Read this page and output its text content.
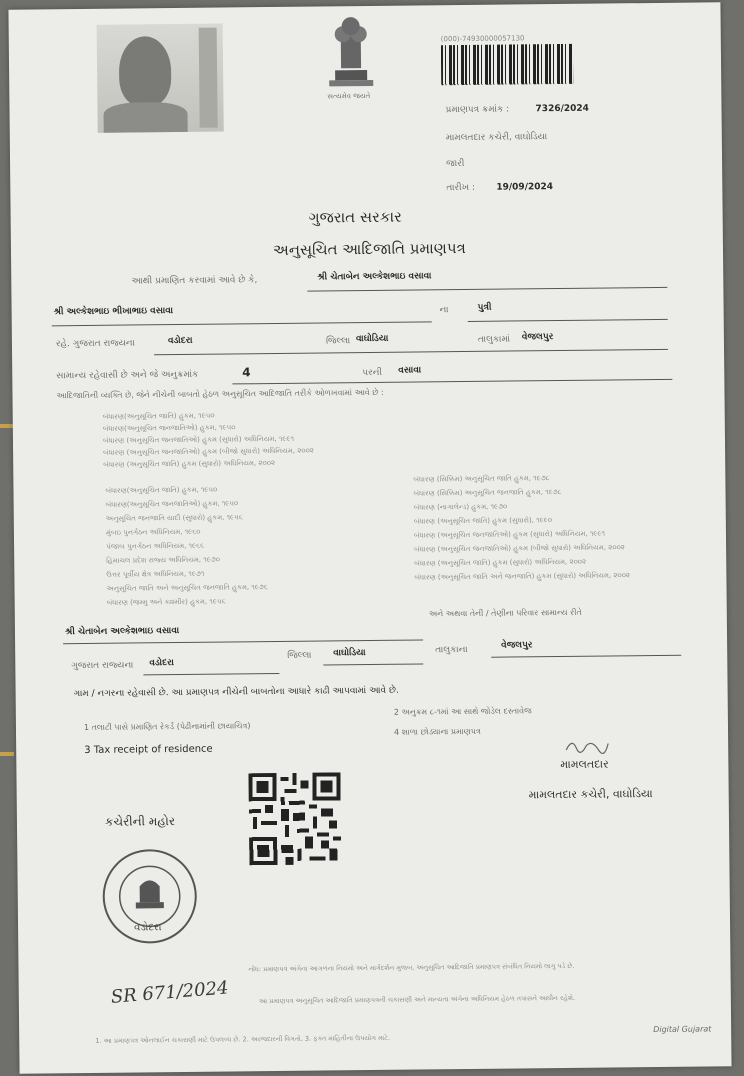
સત્યમેવ જયતે
(000)-74930000057130
પ્રમાણપત્ર ક્રમાંક :	7326/2024
મામલતદાર કચેરી, વાઘોડિયા
જારી
તારીખ : 19/09/2024
ગુજરાત સરકાર
અનુસૂચિત આદિજાતિ પ્રમાણપત્ર
આથી પ્રમાણિત કરવામાં આવે છે કે,	શ્રી ચેતાબેન અલ્કેશભાઇ વસાવા
શ્રી અલ્કેશભાઇ ભીખાભાઇ વસાવા	ના	પુત્રી
રહે. ગુજરાત રાજ્યના	વડોદરા	જિલ્લા વાઘોડિયા	તાલુકામાં વેજલપુર
સામાન્ય રહેવાસી છે અને જે અનુક્રમાંક	4	પરની વસાવા
આદિજાતિની વ્યક્તિ છે, જેને નીચેની બાબતો હેઠળ અનુસૂચિત આદિજાતિ તરીકે ઓળખવામાં આવે છે :
બંધારણ(અનુસૂચિત જાતિ) હુકમ, ૧૯૫૦
બંધારણ(અનુસૂચિત જનજાતિઓ) હુકમ, ૧૯૫૦
બંધારણ (અનુસૂચિત જનજાતિઓ) હુકમ (સુધારો) અધિનિયમ, ૧૯૯૧
બંધારણ (અનુસૂચિત જનજાતિઓ) હુકમ (બીજો સુધારો) અધિનિયમ, ૨૦૦૨
બંધારણ (અનુસૂચિત જાતિ) હુકમ (સુધારો) અધિનિયમ, ૨૦૦૨
બંધારણ(અનુસૂચિત જાતિ) હુકમ, ૧૯૫૦
બંધારણ(અનુસૂચિત જનજાતિઓ) હુકમ, ૧૯૫૦
અનુસૂચિત જનજાતિ યાદી (સુધારો) હુકમ, ૧૯૫૬
મુંબઇ પુનર્ગઠન અધિનિયમ, ૧૯૬૦
પંજાબ પુનર્ગઠન અધિનિયમ, ૧૯૬૬
હિમાચલ પ્રદેશ રાજ્ય અધિનિયમ, ૧૯૭૦
ઉત્તર પૂર્વીય ક્ષેત્ર અધિનિયમ, ૧૯૭૧
અનુસૂચિત જાતિ અને અનુસૂચિત જનજાતિ હુકમ, ૧૯૭૬
બંધારણ (જમ્મુ અને કાશ્મીર) હુકમ, ૧૯૫૬
બંધારણ (સિક્કિમ) અનુસૂચિત જાતિ હુકમ, ૧૯૭૮
બંધારણ (સિક્કિમ) અનુસૂચિત જનજાતિ હુકમ, ૧૯૭૮
બંધારણ (નાગાલેન્ડ) હુકમ, ૧૯૭૦
બંધારણ (અનુસૂચિત જાતિ) હુકમ (સુધારો), ૧૯૯૦
બંધારણ (અનુસૂચિત જનજાતિઓ) હુકમ (સુધારો) અધિનિયમ, ૧૯૯૧
બંધારણ (અનુસૂચિત જનજાતિઓ) હુકમ (બીજો સુધારો) અધિનિયમ, ૨૦૦૨
બંધારણ (અનુસૂચિત જાતિ) હુકમ (સુધારો) અધિનિયમ, ૨૦૦૨
બંધારણ (અનુસૂચિત જાતિ અને જનજાતિ) હુકમ (સુધારો) અધિનિયમ, ૨૦૦૨
શ્રી ચેતાબેન અલ્કેશભાઇ વસાવા
અને અથવા તેની / તેણીના પરિવાર સામાન્ય રીતે
ગુજરાત રાજ્યના વડોદરા
જિલ્લા વાઘોડિયા	તાલુકાના	વેજલપુર
ગામ / નગરના રહેવાસી છે. આ પ્રમાણપત્ર નીચેની બાબતોના આધારે કાઢી આપવામાં આવે છે.
1 તલાટી પાસે પ્રમાણિત રેકર્ડ (પેઢીનામાંની છાયાચિત્ર)
2 અનુક્રમ ૮-૧માં આ સાથે જોડેલ દસ્તાવેજ
3 Tax receipt of residence
4 શાળા છોડ્યાના પ્રમાણપત્ર
મામલતદાર
મામલતદાર કચેરી, વાઘોડિયા
કચેરીની મહોર
વડોદરા
SR 671/2024
નોંધ: પ્રમાણપત્ર અંગેના આગળના નિયમો અને માર્ગદર્શન મુજબ, અનુસૂચિત આદિજાતિ પ્રમાણપત્ર સંબંધિત નિયમો લાગુ પડે છે.
આ પ્રમાણપત્ર અનુસૂચિત આદિજાતિ પ્રમાણપત્રની ચકાસણી અને માન્યતા અંગેના અધિનિયમ હેઠળ તપાસને આધીન રહેશે.
1. આ પ્રમાણપત્ર ઓનલાઈન ચકાસણી માટે ઉપલબ્ધ છે. 2. અરજદારની વિગતો. 3. ફક્ત માહિતીના ઉપયોગ માટે.
Digital Gujarat
